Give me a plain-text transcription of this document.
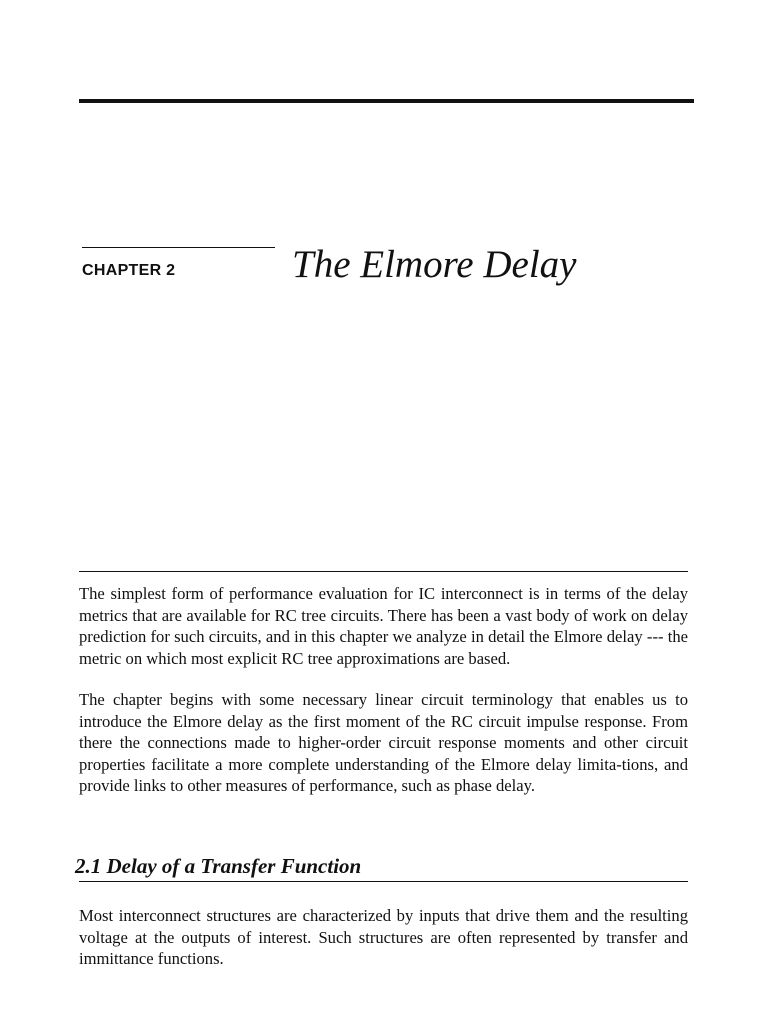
CHAPTER 2	The Elmore Delay

The simplest form of performance evaluation for IC interconnect is in terms of the delay metrics that are available for RC tree circuits. There has been a vast body of work on delay prediction for such circuits, and in this chapter we analyze in detail the Elmore delay --- the metric on which most explicit RC tree approximations are based.

The chapter begins with some necessary linear circuit terminology that enables us to introduce the Elmore delay as the first moment of the RC circuit impulse response. From there the connections made to higher-order circuit response moments and other circuit properties facilitate a more complete understanding of the Elmore delay limita-tions, and provide links to other measures of performance, such as phase delay.

2.1 Delay of a Transfer Function

Most interconnect structures are characterized by inputs that drive them and the resulting voltage at the outputs of interest. Such structures are often represented by transfer and immittance functions.
